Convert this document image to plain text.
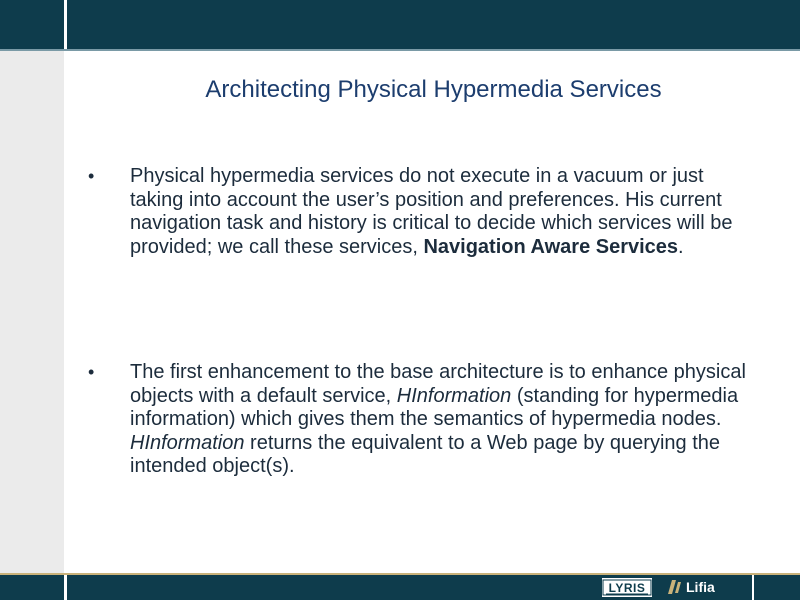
Architecting Physical Hypermedia Services
• Physical hypermedia services do not execute in a vacuum or just taking into account the user’s position and preferences. His current navigation task and history is critical to decide which services will be provided; we call these services, Navigation Aware Services.
• The first enhancement to the base architecture is to enhance physical objects with a default service, HInformation (standing for hypermedia information) which gives them the semantics of hypermedia nodes. HInformation returns the equivalent to a Web page by querying the intended object(s).
LYRIS	Lifia
